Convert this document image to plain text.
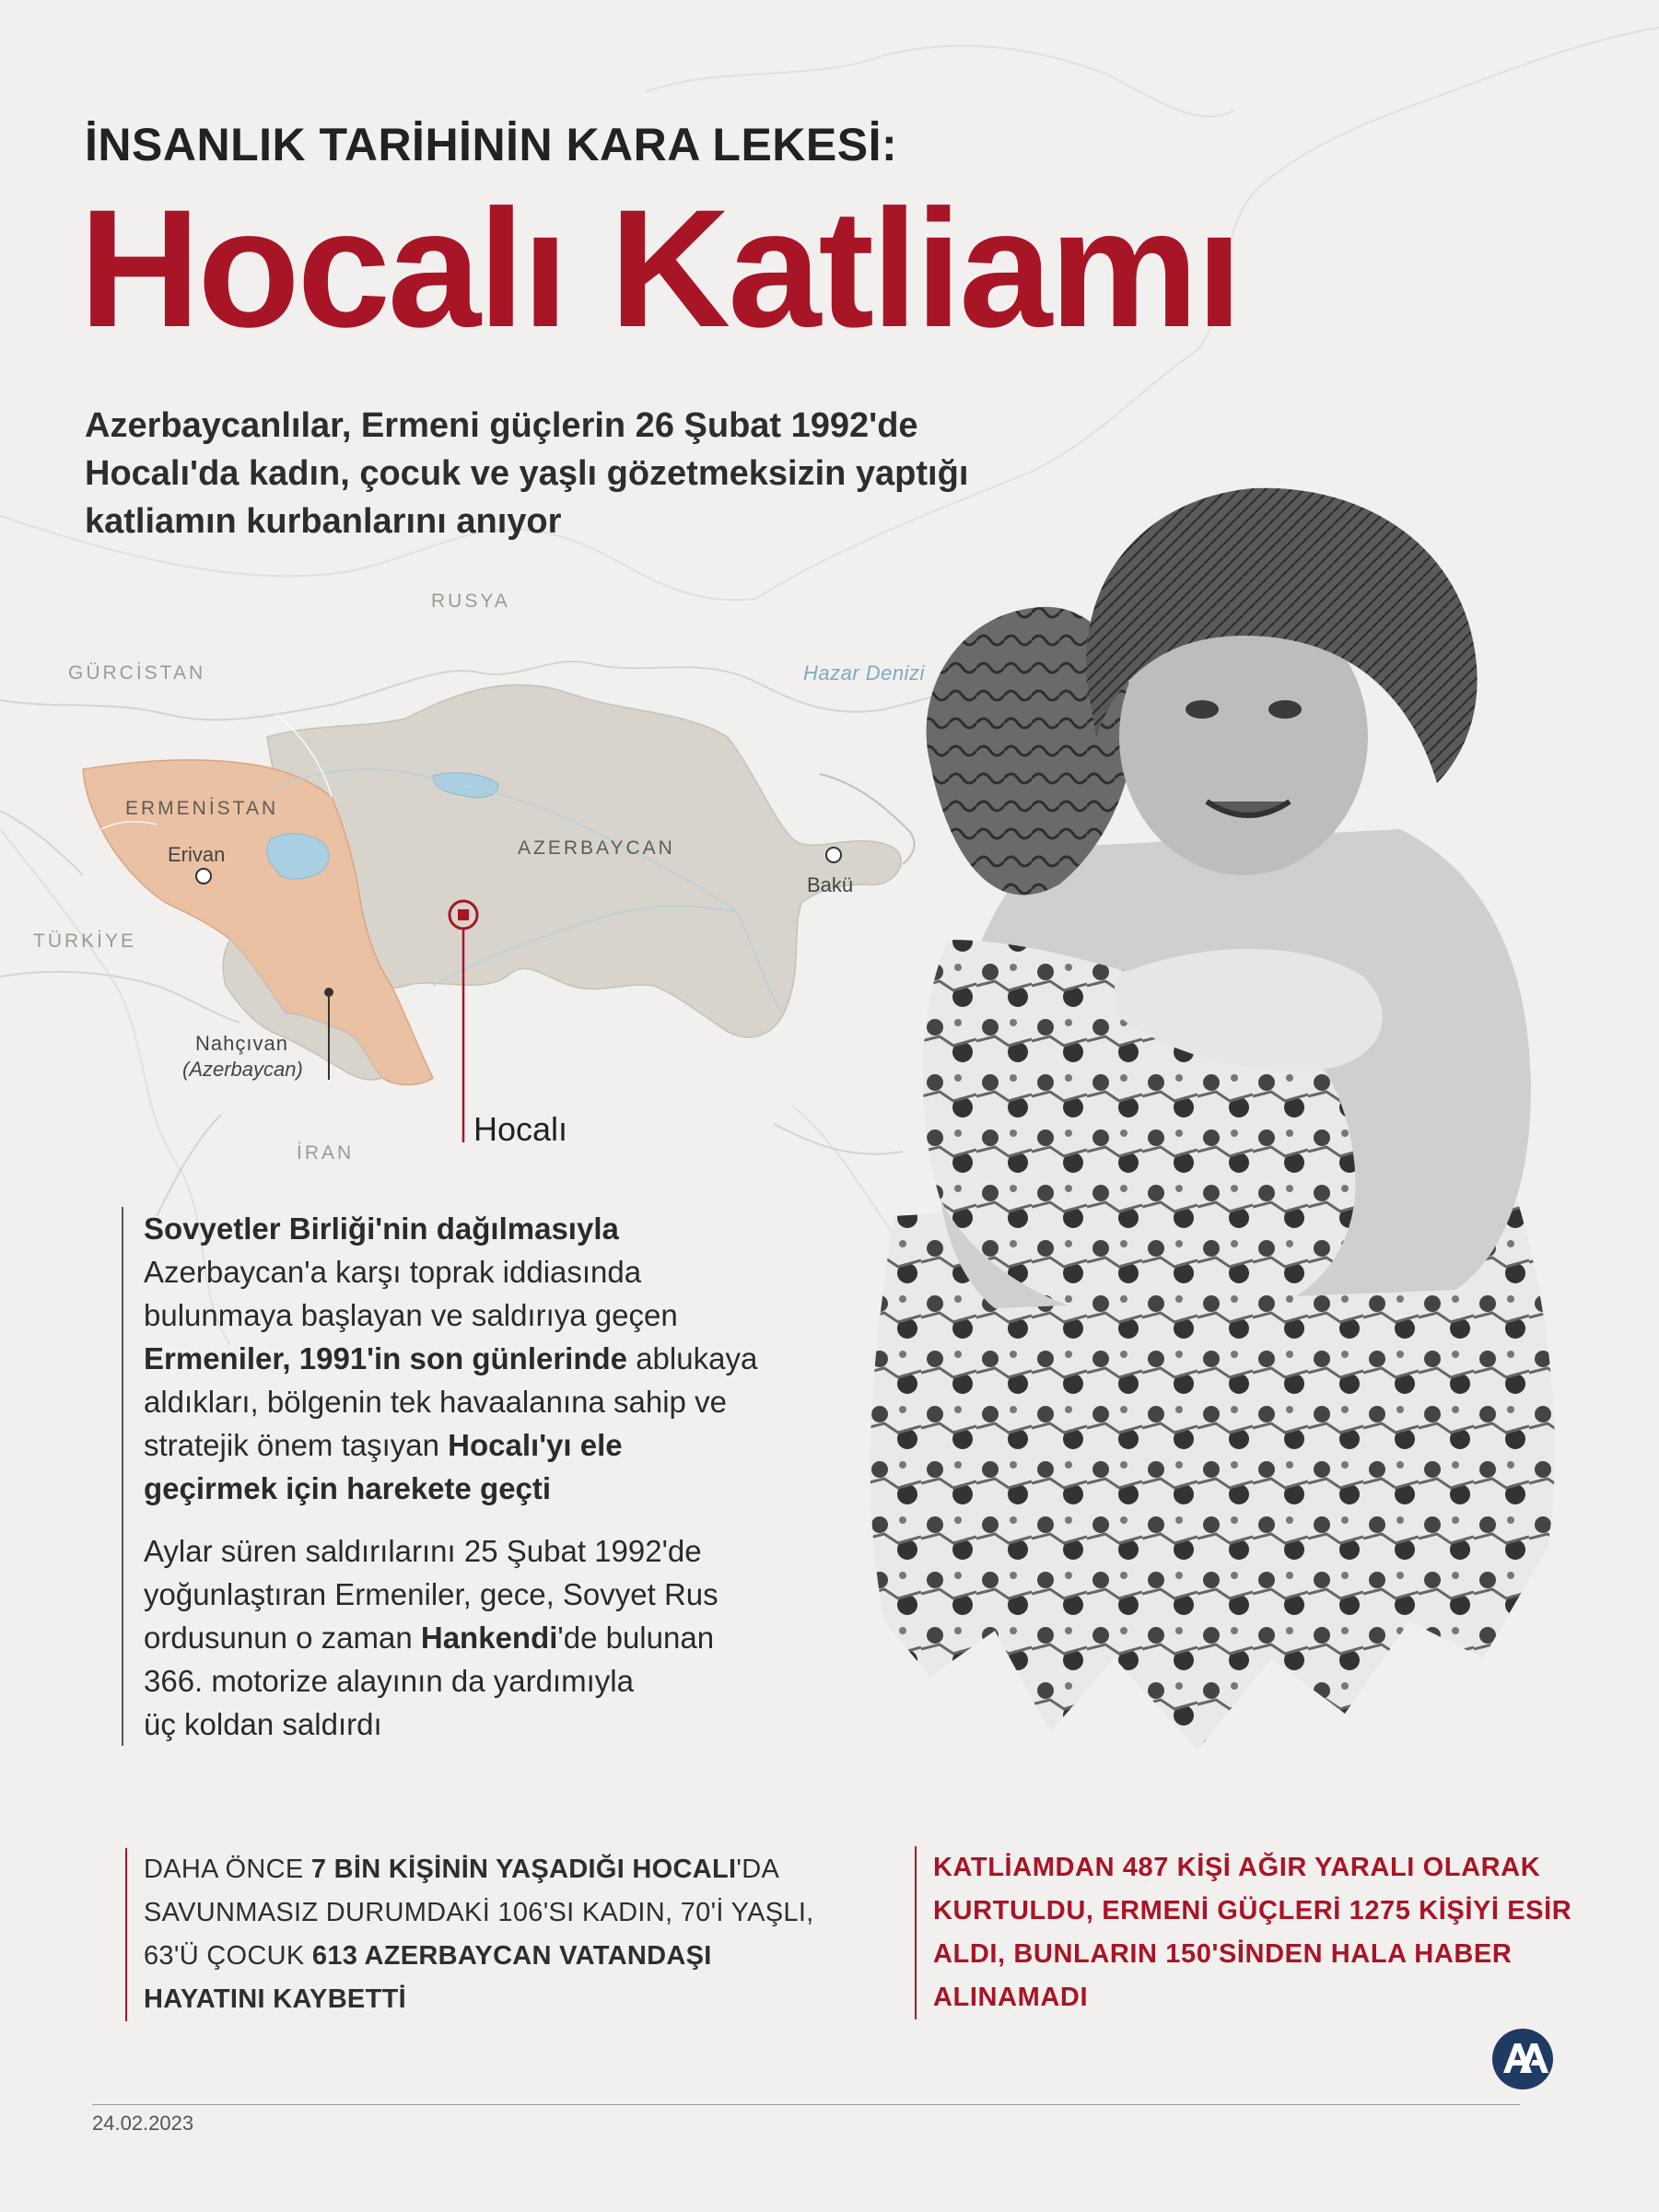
İNSANLIK TARİHİNİN KARA LEKESİ:
Hocalı Katliamı
Azerbaycanlılar, Ermeni güçlerin 26 Şubat 1992'de
Hocalı'da kadın, çocuk ve yaşlı gözetmeksizin yaptığı
katliamın kurbanlarını anıyor
RUSYA
GÜRCİSTAN	Hazar Denizi
ERMENİSTAN
AZERBAYCAN
Erivan
Bakü
TÜRKİYE
Nahçıvan
(Azerbaycan)
İRAN
Hocalı

Sovyetler Birliği'nin dağılmasıyla
Azerbaycan'a karşı toprak iddiasında
bulunmaya başlayan ve saldırıya geçen
Ermeniler, 1991'in son günlerinde ablukaya
aldıkları, bölgenin tek havaalanına sahip ve
stratejik önem taşıyan Hocalı'yı ele
geçirmek için harekete geçti

Aylar süren saldırılarını 25 Şubat 1992'de
yoğunlaştıran Ermeniler, gece, Sovyet Rus
ordusunun o zaman Hankendi'de bulunan
366. motorize alayının da yardımıyla
üç koldan saldırdı

DAHA ÖNCE 7 BİN KİŞİNİN YAŞADIĞI HOCALI'DA
SAVUNMASIZ DURUMDAKİ 106'SI KADIN, 70'İ YAŞLI,
63'Ü ÇOCUK 613 AZERBAYCAN VATANDAŞI
HAYATINI KAYBETTİ
KATLİAMDAN 487 KİŞİ AĞIR YARALI OLARAK
KURTULDU, ERMENİ GÜÇLERİ 1275 KİŞİYİ ESİR
ALDI, BUNLARIN 150'SİNDEN HALA HABER
ALINAMADI
24.02.2023
